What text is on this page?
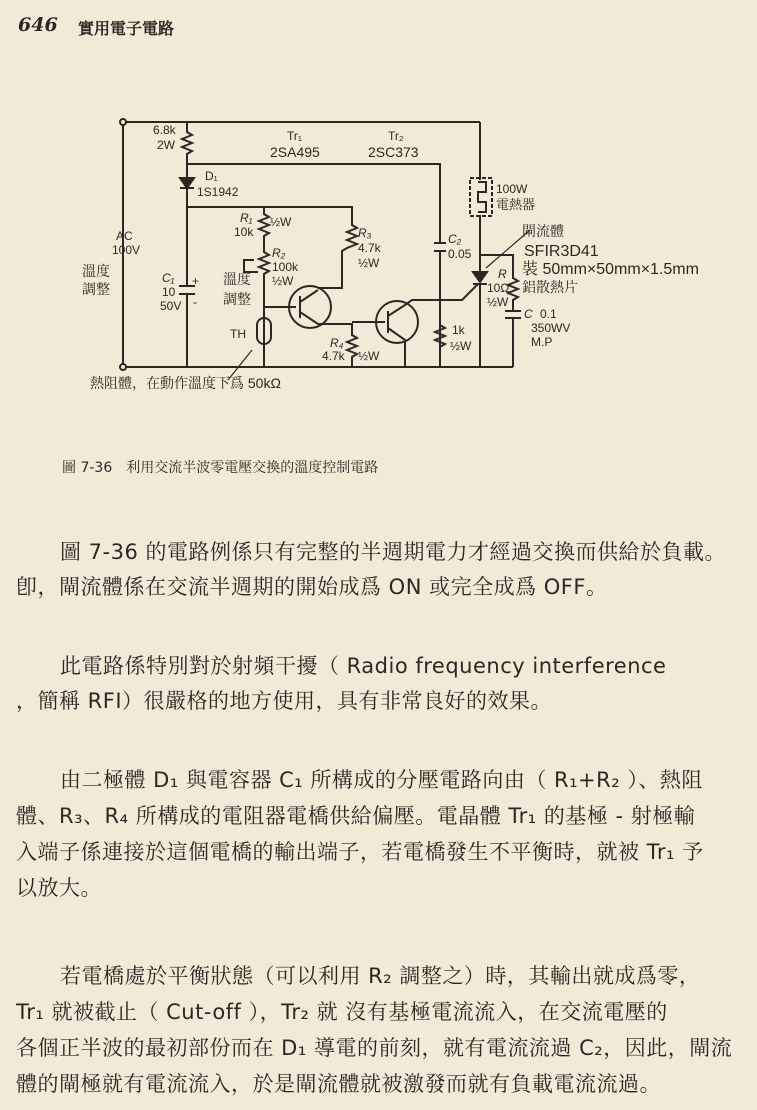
646 實用電子電路
6.8k
2W
Tr₁
2SA495
Tr₂
2SC373
D₁
1S1942
R₁
10k
½W
R₂
100k
½W
R₃
4.7k
½W
R₄
4.7k ½W
AC
100V
溫度
調整
溫度
調整
C₁
10
50V
+
-
TH
熱阻體，在動作溫度下爲 50kΩ
100W
電熱器
C₂
0.05
閘流體
SFIR3D41
裝 50mm×50mm×1.5mm
鋁散熱片
R
10Ω
½W
C 0.1
350WV
M.P
1k
½W
圖 7-36　利用交流半波零電壓交換的溫度控制電路
圖 7-36 的電路例係只有完整的半週期電力才經過交換而供給於負載。
卽，閘流體係在交流半週期的開始成爲 ON 或完全成爲 OFF。
此電路係特別對於射頻干擾（ Radio frequency interference
，簡稱 RFI）很嚴格的地方使用，具有非常良好的效果。
由二極體 D₁ 與電容器 C₁ 所構成的分壓電路向由（ R₁+R₂ ）、熱阻
體、R₃、R₄ 所構成的電阻器電橋供給偏壓。電晶體 Tr₁ 的基極 - 射極輸
入端子係連接於這個電橋的輸出端子，若電橋發生不平衡時，就被 Tr₁ 予
以放大。
若電橋處於平衡狀態（可以利用 R₂ 調整之）時，其輸出就成爲零，
Tr₁ 就被截止（ Cut-off ），Tr₂ 就 沒有基極電流流入，在交流電壓的
各個正半波的最初部份而在 D₁ 導電的前刻，就有電流流過 C₂，因此，閘流
體的閘極就有電流流入，於是閘流體就被激發而就有負載電流流過。
